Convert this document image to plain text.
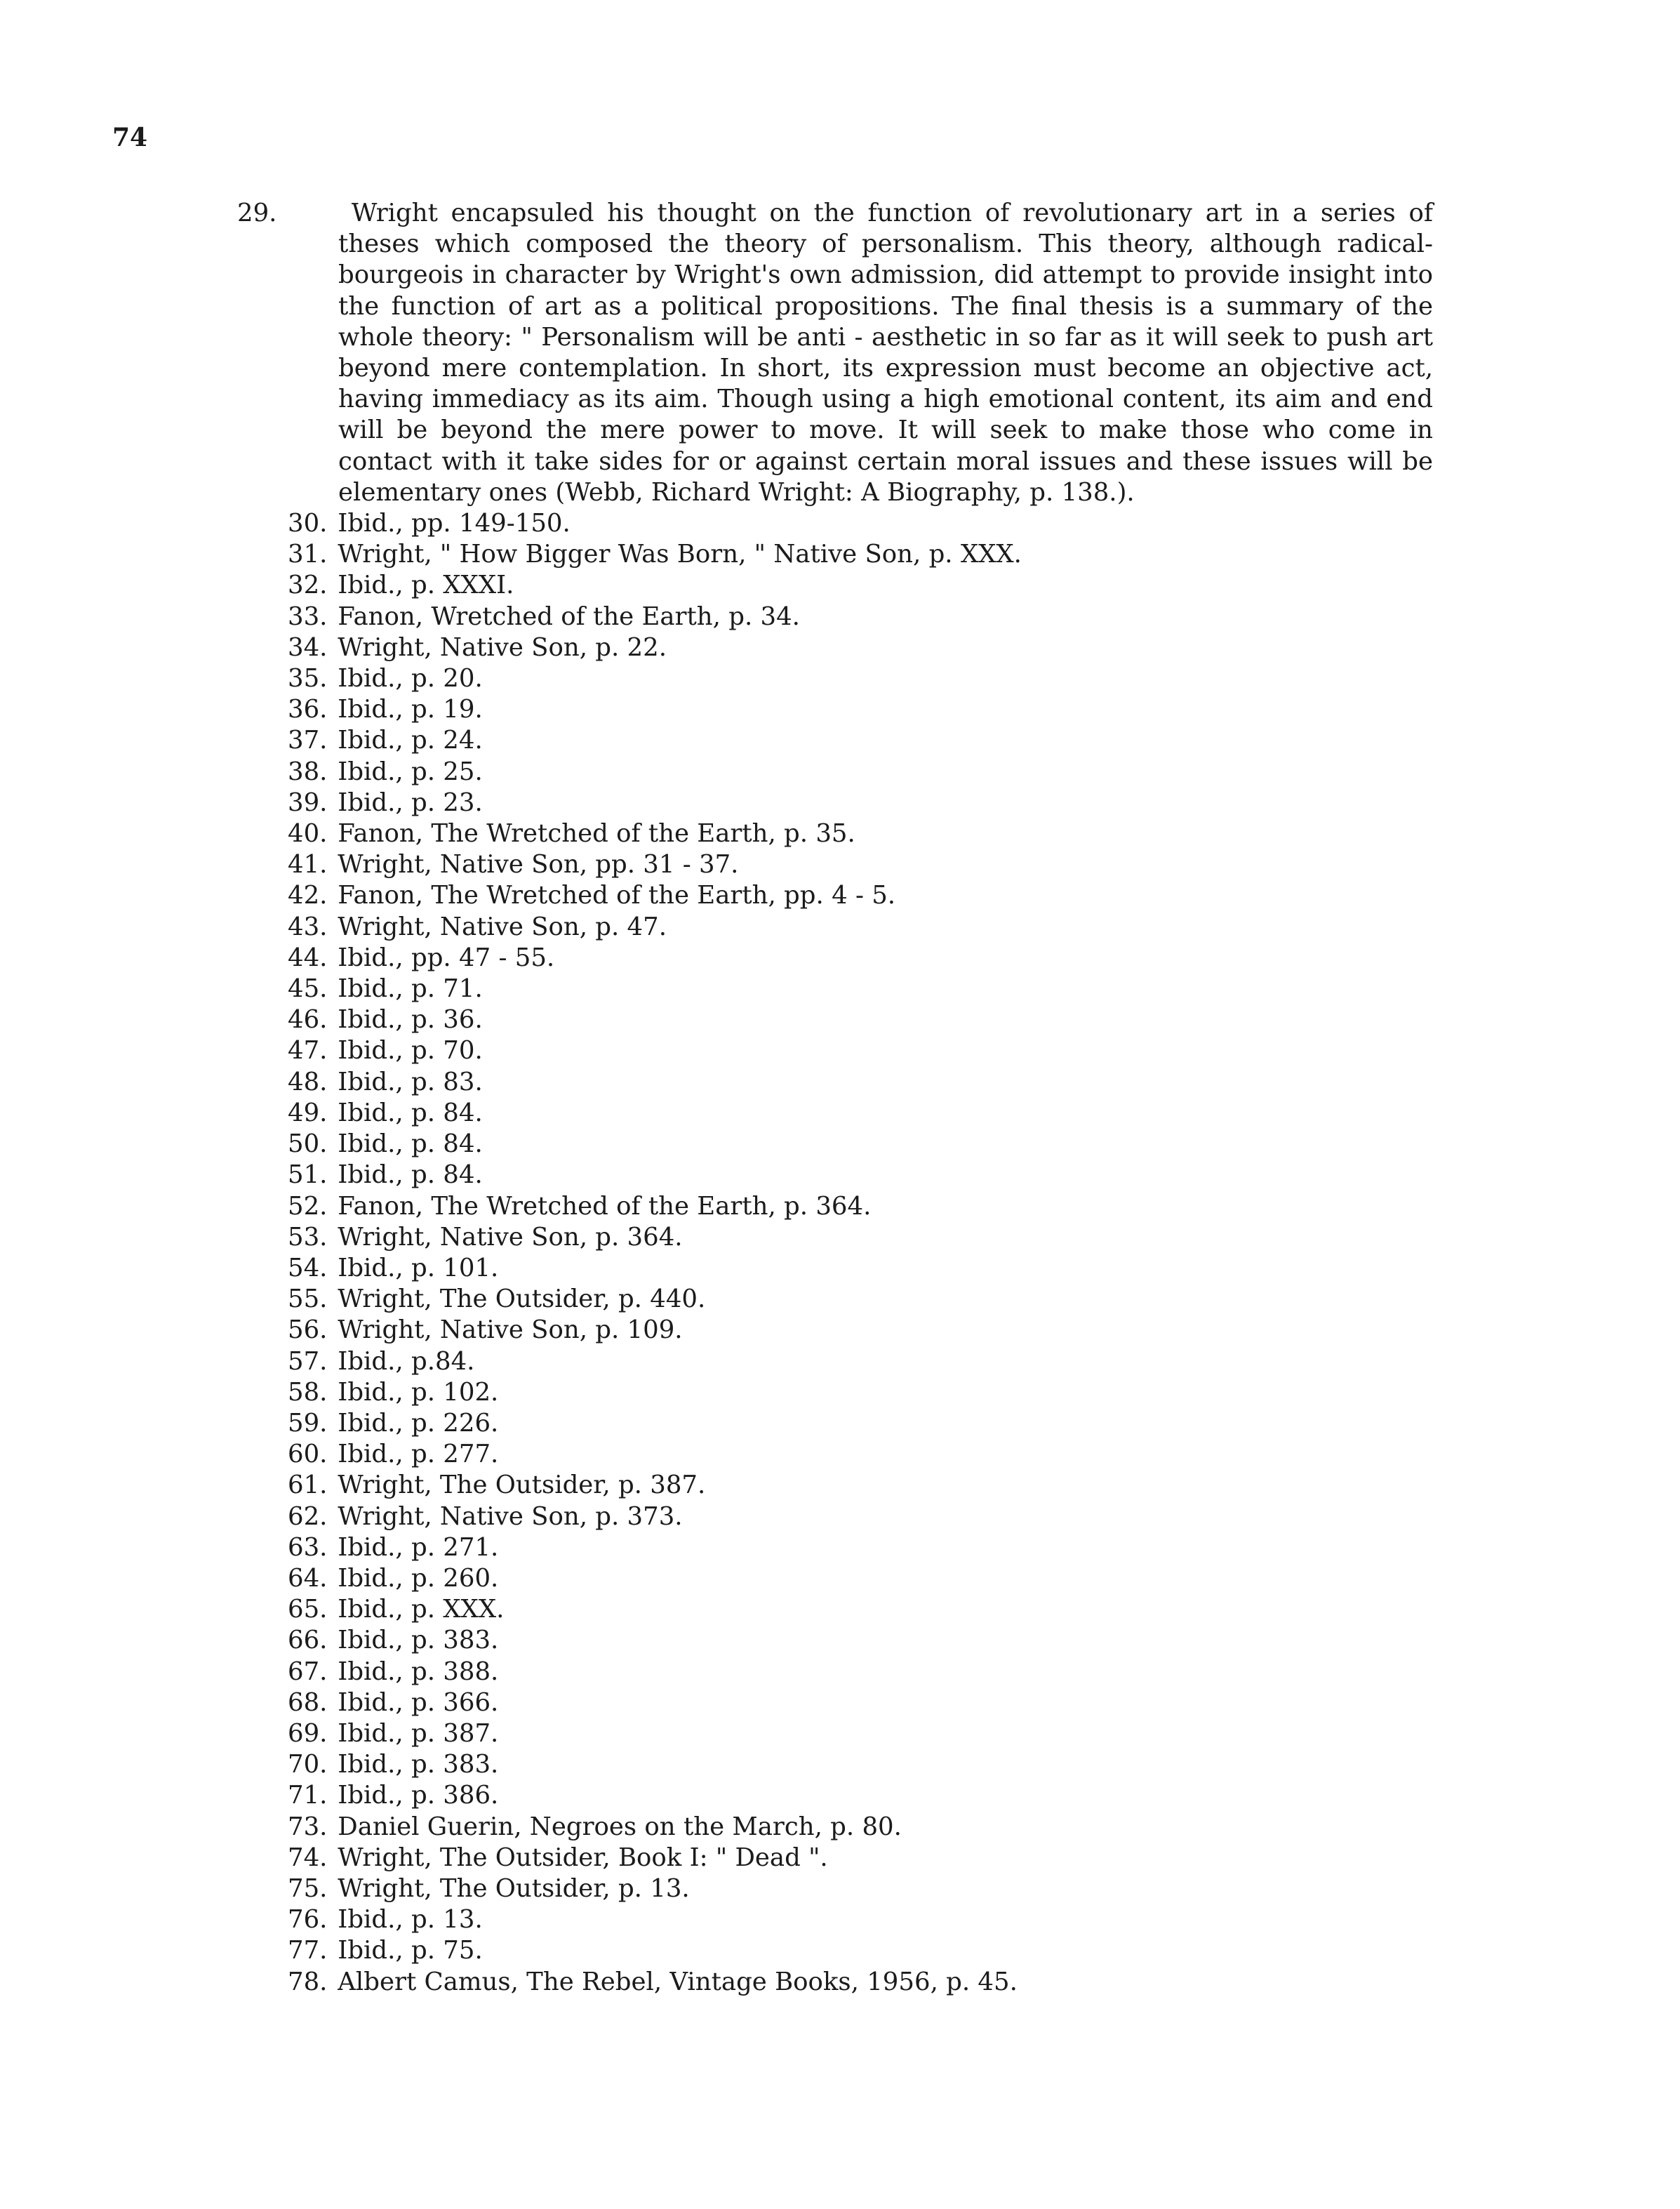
74
29.	Wright encapsuled his thought on the function of revolutionary art in a series of theses which composed the theory of personalism. This theory, although radical-bourgeois in character by Wright's own admission, did attempt to provide insight into the function of art as a political propositions. The final thesis is a summary of the whole theory: " Personalism will be anti - aesthetic in so far as it will seek to push art beyond mere contemplation. In short, its expression must become an objective act, having immediacy as its aim. Though using a high emotional content, its aim and end will be beyond the mere power to move. It will seek to make those who come in contact with it take sides for or against certain moral issues and these issues will be elementary ones (Webb, Richard Wright: A Biography, p. 138.).
30. Ibid., pp. 149-150.
31. Wright, " How Bigger Was Born, " Native Son, p. XXX.
32. Ibid., p. XXXI.
33. Fanon, Wretched of the Earth, p. 34.
34. Wright, Native Son, p. 22.
35. Ibid., p. 20.
36. Ibid., p. 19.
37. Ibid., p. 24.
38. Ibid., p. 25.
39. Ibid., p. 23.
40. Fanon, The Wretched of the Earth, p. 35.
41. Wright, Native Son, pp. 31 - 37.
42. Fanon, The Wretched of the Earth, pp. 4 - 5.
43. Wright, Native Son, p. 47.
44. Ibid., pp. 47 - 55.
45. Ibid., p. 71.
46. Ibid., p. 36.
47. Ibid., p. 70.
48. Ibid., p. 83.
49. Ibid., p. 84.
50. Ibid., p. 84.
51. Ibid., p. 84.
52. Fanon, The Wretched of the Earth, p. 364.
53. Wright, Native Son, p. 364.
54. Ibid., p. 101.
55. Wright, The Outsider, p. 440.
56. Wright, Native Son, p. 109.
57. Ibid., p.84.
58. Ibid., p. 102.
59. Ibid., p. 226.
60. Ibid., p. 277.
61. Wright, The Outsider, p. 387.
62. Wright, Native Son, p. 373.
63. Ibid., p. 271.
64. Ibid., p. 260.
65. Ibid., p. XXX.
66. Ibid., p. 383.
67. Ibid., p. 388.
68. Ibid., p. 366.
69. Ibid., p. 387.
70. Ibid., p. 383.
71. Ibid., p. 386.
73. Daniel Guerin, Negroes on the March, p. 80.
74. Wright, The Outsider, Book I: " Dead ".
75. Wright, The Outsider, p. 13.
76. Ibid., p. 13.
77. Ibid., p. 75.
78. Albert Camus, The Rebel, Vintage Books, 1956, p. 45.
